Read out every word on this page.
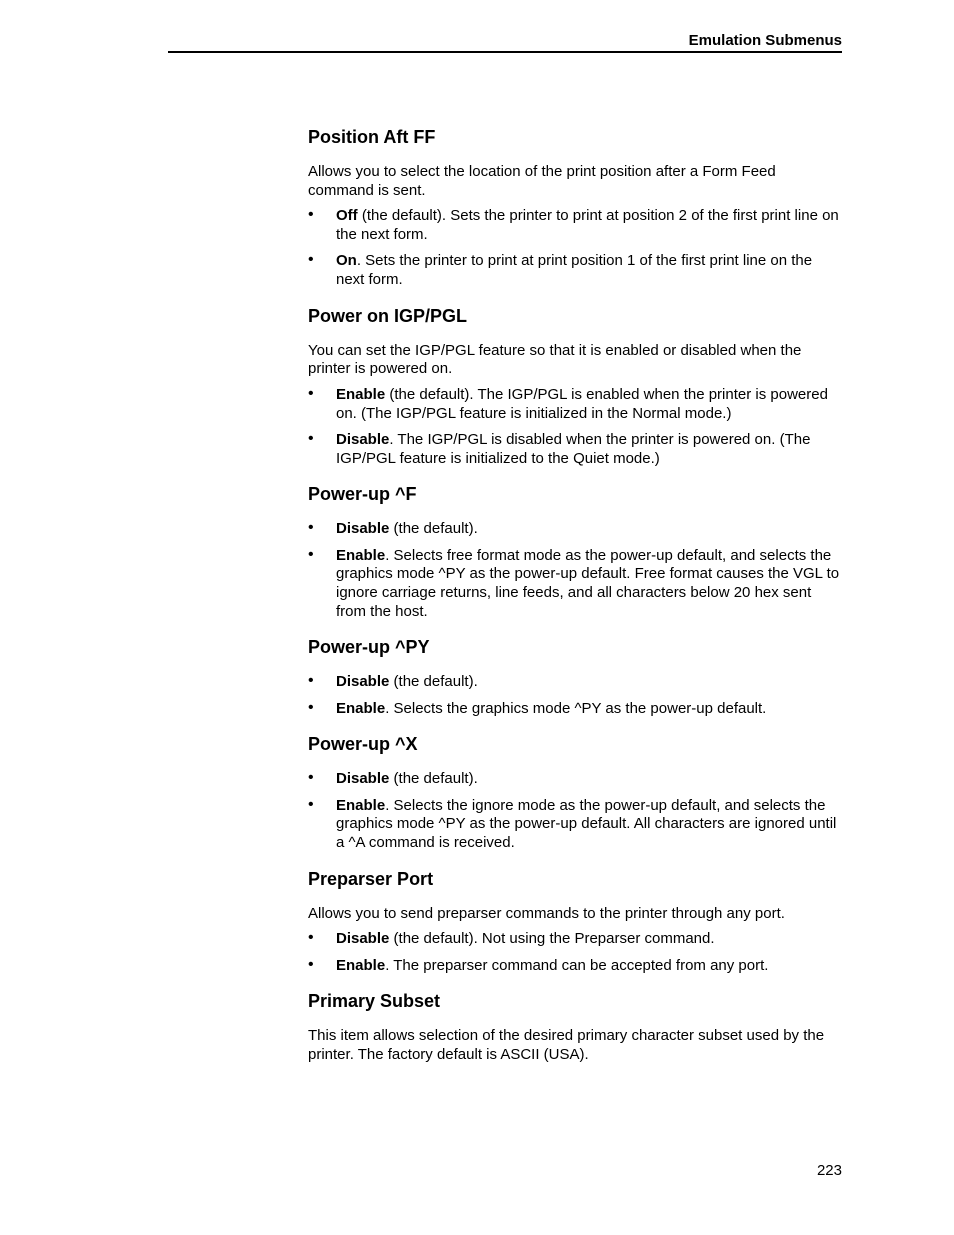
Emulation Submenus
Position Aft FF

Allows you to select the location of the print position after a Form Feed command is sent.

• Off (the default). Sets the printer to print at position 2 of the first print line on the next form.
• On. Sets the printer to print at print position 1 of the first print line on the next form.
Power on IGP/PGL

You can set the IGP/PGL feature so that it is enabled or disabled when the printer is powered on.

• Enable (the default). The IGP/PGL is enabled when the printer is powered on. (The IGP/PGL feature is initialized in the Normal mode.)
• Disable. The IGP/PGL is disabled when the printer is powered on. (The IGP/PGL feature is initialized to the Quiet mode.)
Power-up ^F
• Disable (the default).
• Enable. Selects free format mode as the power-up default, and selects the graphics mode ^PY as the power-up default. Free format causes the VGL to ignore carriage returns, line feeds, and all characters below 20 hex sent from the host.
Power-up ^PY
• Disable (the default).
• Enable. Selects the graphics mode ^PY as the power-up default.
Power-up ^X
• Disable (the default).
• Enable. Selects the ignore mode as the power-up default, and selects the graphics mode ^PY as the power-up default. All characters are ignored until a ^A command is received.
Preparser Port

Allows you to send preparser commands to the printer through any port.

• Disable (the default). Not using the Preparser command.
• Enable. The preparser command can be accepted from any port.
Primary Subset

This item allows selection of the desired primary character subset used by the printer. The factory default is ASCII (USA).

223
